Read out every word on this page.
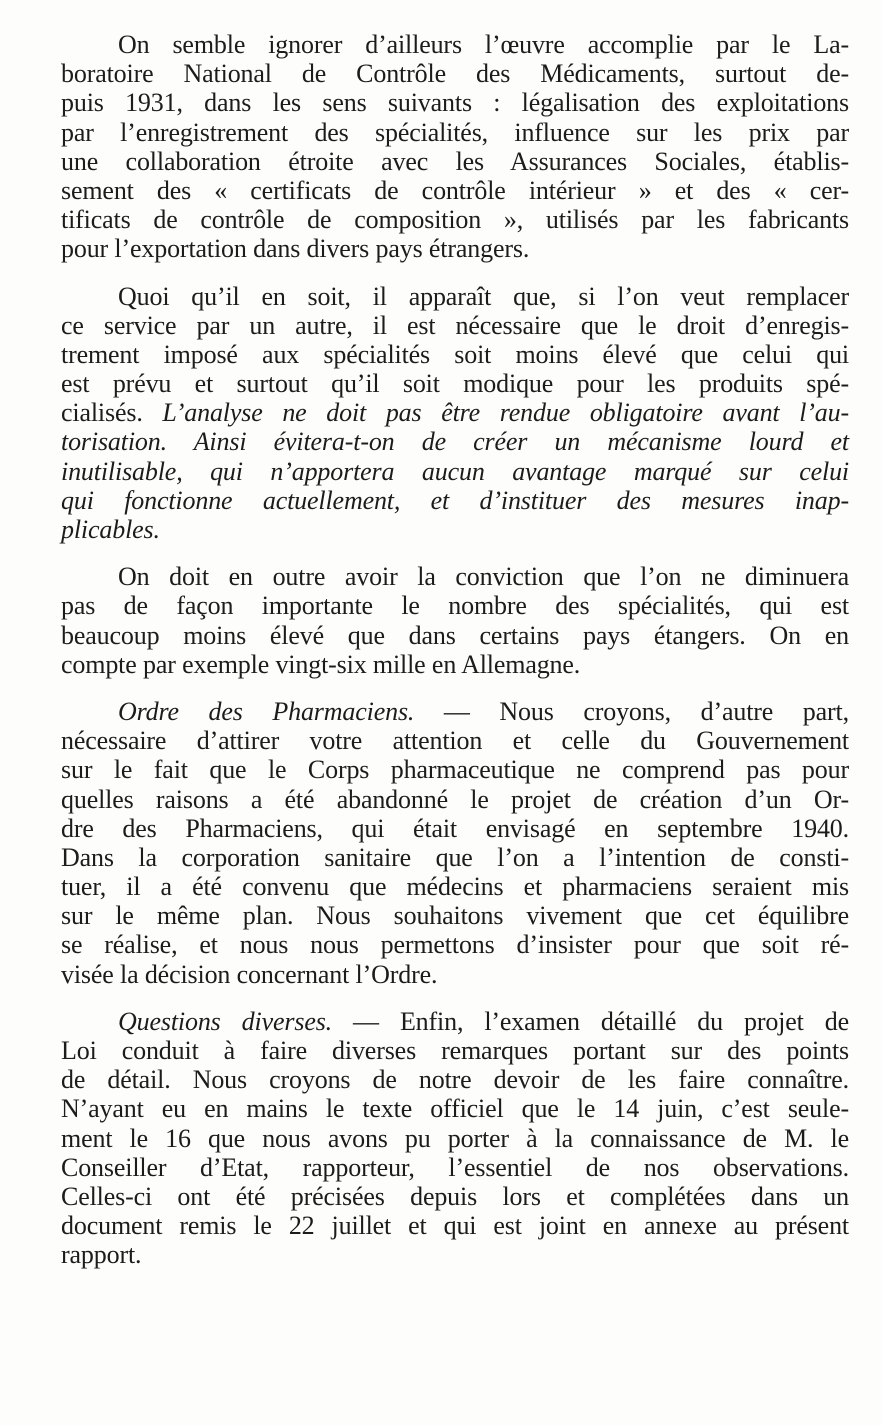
On semble ignorer d’ailleurs l’œuvre accomplie par le La-
boratoire National de Contrôle des Médicaments, surtout de-
puis 1931, dans les sens suivants : légalisation des exploitations
par l’enregistrement des spécialités, influence sur les prix par
une collaboration étroite avec les Assurances Sociales, établis-
sement des « certificats de contrôle intérieur » et des « cer-
tificats de contrôle de composition », utilisés par les fabricants
pour l’exportation dans divers pays étrangers.
Quoi qu’il en soit, il apparaît que, si l’on veut remplacer
ce service par un autre, il est nécessaire que le droit d’enregis-
trement imposé aux spécialités soit moins élevé que celui qui
est prévu et surtout qu’il soit modique pour les produits spé-
cialisés. L’analyse ne doit pas être rendue obligatoire avant l’au-
torisation. Ainsi évitera-t-on de créer un mécanisme lourd et
inutilisable, qui n’apportera aucun avantage marqué sur celui
qui fonctionne actuellement, et d’instituer des mesures inap-
plicables.
On doit en outre avoir la conviction que l’on ne diminuera
pas de façon importante le nombre des spécialités, qui est
beaucoup moins élevé que dans certains pays étangers. On en
compte par exemple vingt-six mille en Allemagne.
Ordre des Pharmaciens. — Nous croyons, d’autre part,
nécessaire d’attirer votre attention et celle du Gouvernement
sur le fait que le Corps pharmaceutique ne comprend pas pour
quelles raisons a été abandonné le projet de création d’un Or-
dre des Pharmaciens, qui était envisagé en septembre 1940.
Dans la corporation sanitaire que l’on a l’intention de consti-
tuer, il a été convenu que médecins et pharmaciens seraient mis
sur le même plan. Nous souhaitons vivement que cet équilibre
se réalise, et nous nous permettons d’insister pour que soit ré-
visée la décision concernant l’Ordre.
Questions diverses. — Enfin, l’examen détaillé du projet de
Loi conduit à faire diverses remarques portant sur des points
de détail. Nous croyons de notre devoir de les faire connaître.
N’ayant eu en mains le texte officiel que le 14 juin, c’est seule-
ment le 16 que nous avons pu porter à la connaissance de M. le
Conseiller d’Etat, rapporteur, l’essentiel de nos observations.
Celles-ci ont été précisées depuis lors et complétées dans un
document remis le 22 juillet et qui est joint en annexe au présent
rapport.
